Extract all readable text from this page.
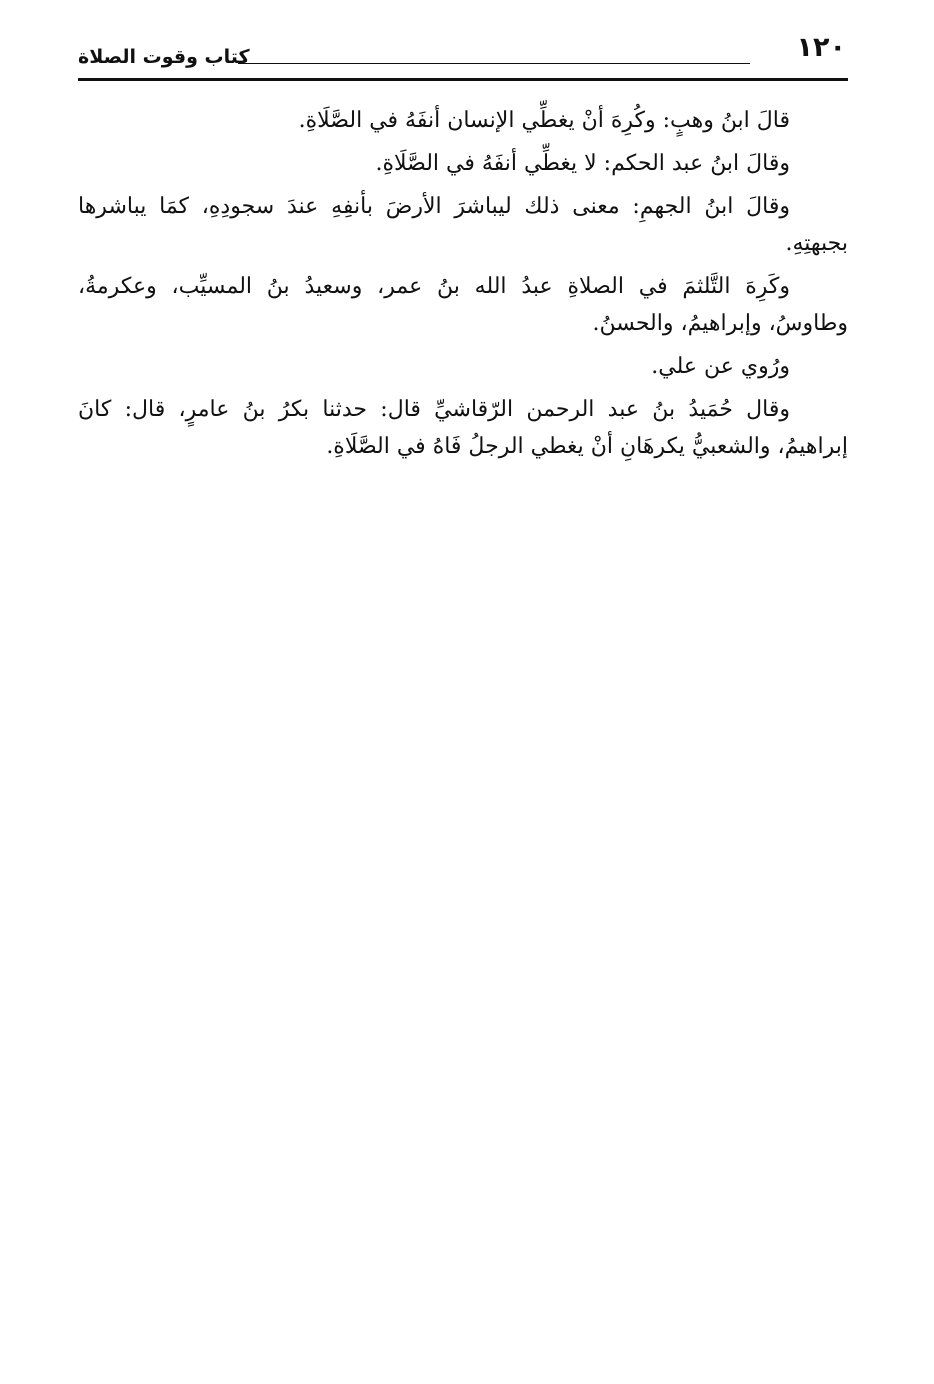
١٢٠
كتاب وقوت الصلاة

قالَ ابنُ وهبٍ: وكُرِهَ أنْ يغطِّي الإنسان أنفَهُ في الصَّلَاةِ.

وقالَ ابنُ عبد الحكم: لا يغطِّي أنفَهُ في الصَّلَاةِ.

وقالَ ابنُ الجهمِ: معنى ذلك ليباشرَ الأرضَ بأنفِهِ عندَ سجودِهِ، كمَا يباشرها بجبهتِهِ.

وكَرِهَ التَّلثمَ في الصلاةِ عبدُ الله بنُ عمر، وسعيدُ بنُ المسيِّب، وعكرمةُ، وطاوسُ، وإبراهيمُ، والحسنُ.

ورُوي عن علي.

وقال حُمَيدُ بنُ عبد الرحمن الرّقاشيِّ قال: حدثنا بكرُ بنُ عامرٍ، قال: كانَ إبراهيمُ، والشعبيُّ يكرهَانِ أنْ يغطي الرجلُ فَاهُ في الصَّلَاةِ.
